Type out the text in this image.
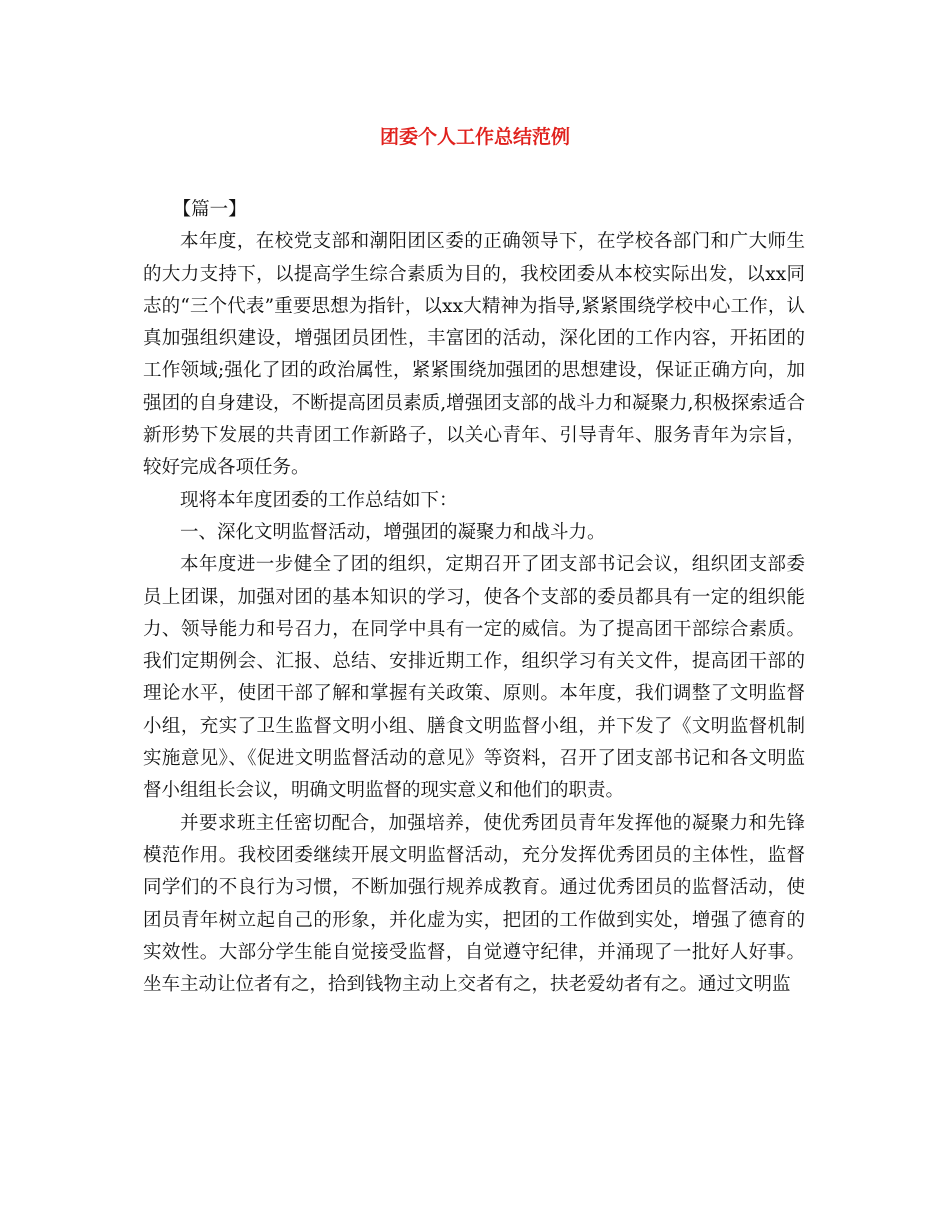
团委个人工作总结范例

【篇一】

本年度，在校党支部和潮阳团区委的正确领导下，在学校各部门和广大师生的大力支持下，以提高学生综合素质为目的，我校团委从本校实际出发，以xx同志的“三个代表”重要思想为指针，以xx大精神为指导,紧紧围绕学校中心工作，认真加强组织建设，增强团员团性，丰富团的活动，深化团的工作内容，开拓团的工作领域;强化了团的政治属性，紧紧围绕加强团的思想建设，保证正确方向，加强团的自身建设，不断提高团员素质,增强团支部的战斗力和凝聚力,积极探索适合新形势下发展的共青团工作新路子，以关心青年、引导青年、服务青年为宗旨，较好完成各项任务。

现将本年度团委的工作总结如下：

一、深化文明监督活动，增强团的凝聚力和战斗力。

本年度进一步健全了团的组织，定期召开了团支部书记会议，组织团支部委员上团课，加强对团的基本知识的学习，使各个支部的委员都具有一定的组织能力、领导能力和号召力，在同学中具有一定的威信。为了提高团干部综合素质。我们定期例会、汇报、总结、安排近期工作，组织学习有关文件，提高团干部的理论水平，使团干部了解和掌握有关政策、原则。本年度，我们调整了文明监督小组，充实了卫生监督文明小组、膳食文明监督小组，并下发了《文明监督机制实施意见》、《促进文明监督活动的意见》等资料，召开了团支部书记和各文明监督小组组长会议，明确文明监督的现实意义和他们的职责。

并要求班主任密切配合，加强培养，使优秀团员青年发挥他的凝聚力和先锋模范作用。我校团委继续开展文明监督活动，充分发挥优秀团员的主体性，监督同学们的不良行为习惯，不断加强行规养成教育。通过优秀团员的监督活动，使团员青年树立起自己的形象，并化虚为实，把团的工作做到实处，增强了德育的实效性。大部分学生能自觉接受监督，自觉遵守纪律，并涌现了一批好人好事。坐车主动让位者有之，拾到钱物主动上交者有之，扶老爱幼者有之。通过文明监
